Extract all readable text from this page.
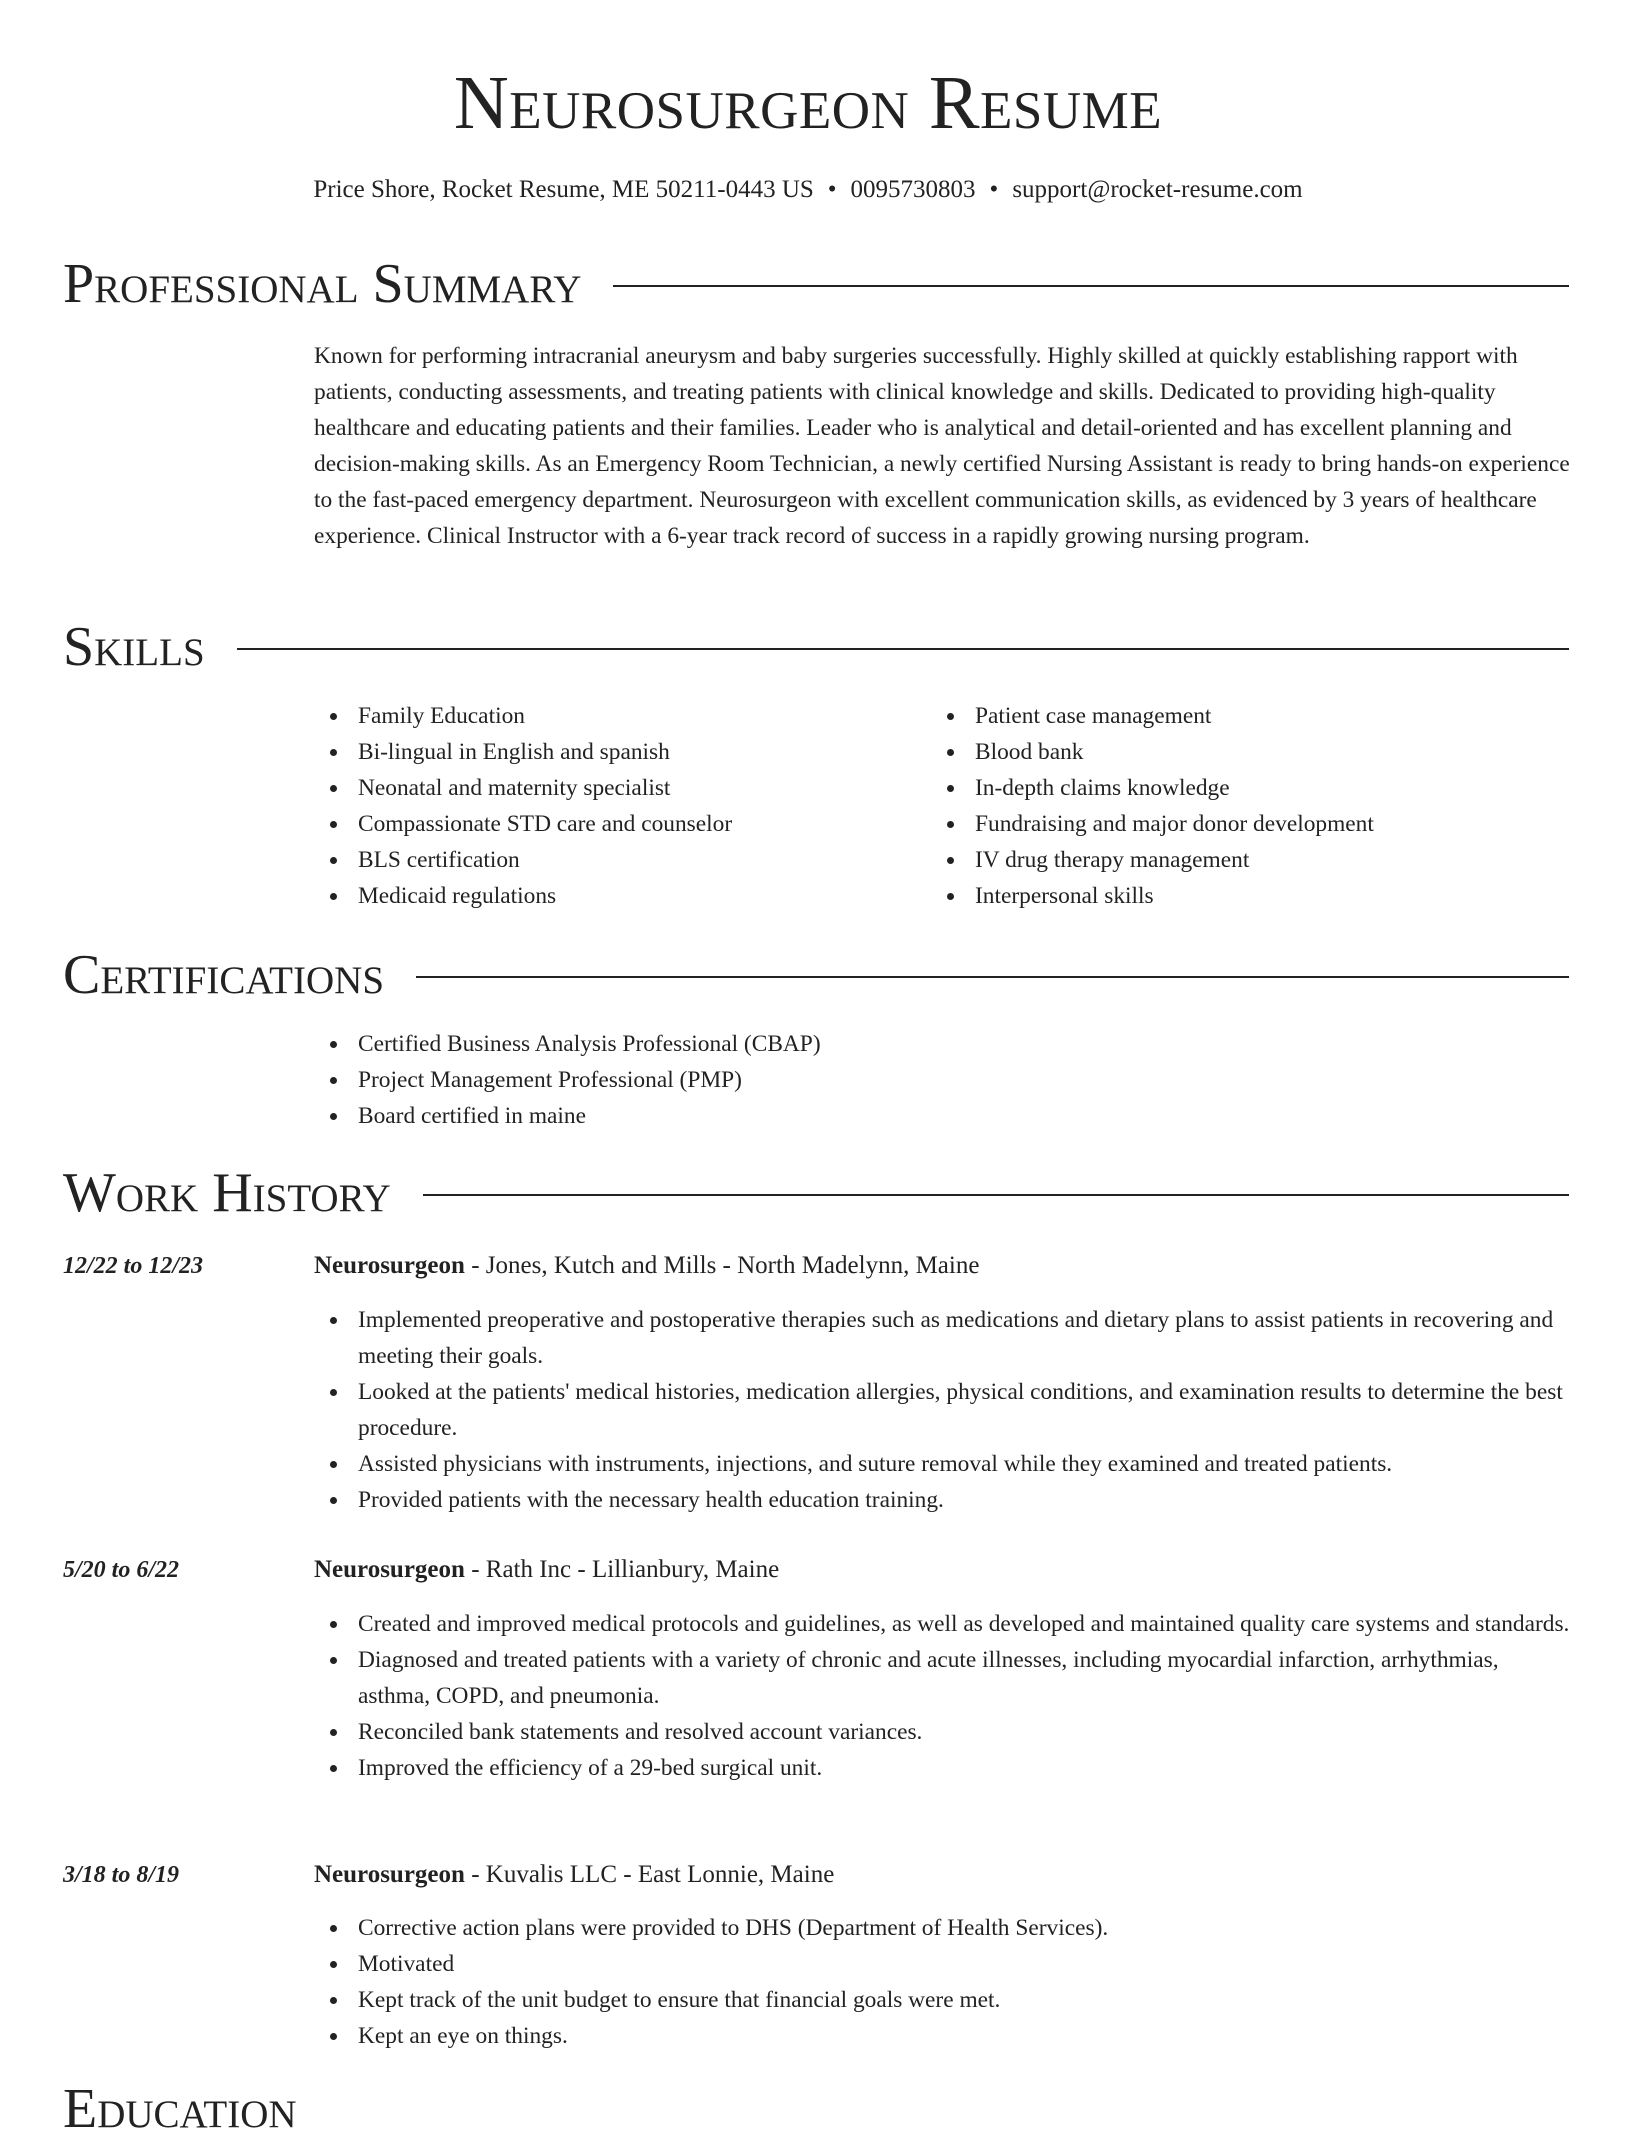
Neurosurgeon Resume
Price Shore, Rocket Resume, ME 50211-0443 US • 0095730803 • support@rocket-resume.com
Professional Summary

Known for performing intracranial aneurysm and baby surgeries successfully. Highly skilled at quickly establishing rapport with patients, conducting assessments, and treating patients with clinical knowledge and skills. Dedicated to providing high-quality healthcare and educating patients and their families. Leader who is analytical and detail-oriented and has excellent planning and decision-making skills. As an Emergency Room Technician, a newly certified Nursing Assistant is ready to bring hands-on experience to the fast-paced emergency department. Neurosurgeon with excellent communication skills, as evidenced by 3 years of healthcare experience. Clinical Instructor with a 6-year track record of success in a rapidly growing nursing program.

Skills
Family Education
Bi-lingual in English and spanish
Neonatal and maternity specialist
Compassionate STD care and counselor
BLS certification
Medicaid regulations
Patient case management
Blood bank
In-depth claims knowledge
Fundraising and major donor development
IV drug therapy management
Interpersonal skills
Certifications
Certified Business Analysis Professional (CBAP)
Project Management Professional (PMP)
Board certified in maine
Work History
12/22 to 12/23	Neurosurgeon - Jones, Kutch and Mills - North Madelynn, Maine
Implemented preoperative and postoperative therapies such as medications and dietary plans to assist patients in recovering and meeting their goals.
Looked at the patients' medical histories, medication allergies, physical conditions, and examination results to determine the best procedure.
Assisted physicians with instruments, injections, and suture removal while they examined and treated patients.
Provided patients with the necessary health education training.
5/20 to 6/22	Neurosurgeon - Rath Inc - Lillianbury, Maine
Created and improved medical protocols and guidelines, as well as developed and maintained quality care systems and standards.
Diagnosed and treated patients with a variety of chronic and acute illnesses, including myocardial infarction, arrhythmias, asthma, COPD, and pneumonia.
Reconciled bank statements and resolved account variances.
Improved the efficiency of a 29-bed surgical unit.
3/18 to 8/19	Neurosurgeon - Kuvalis LLC - East Lonnie, Maine
Corrective action plans were provided to DHS (Department of Health Services).
Motivated
Kept track of the unit budget to ensure that financial goals were met.
Kept an eye on things.
Education
